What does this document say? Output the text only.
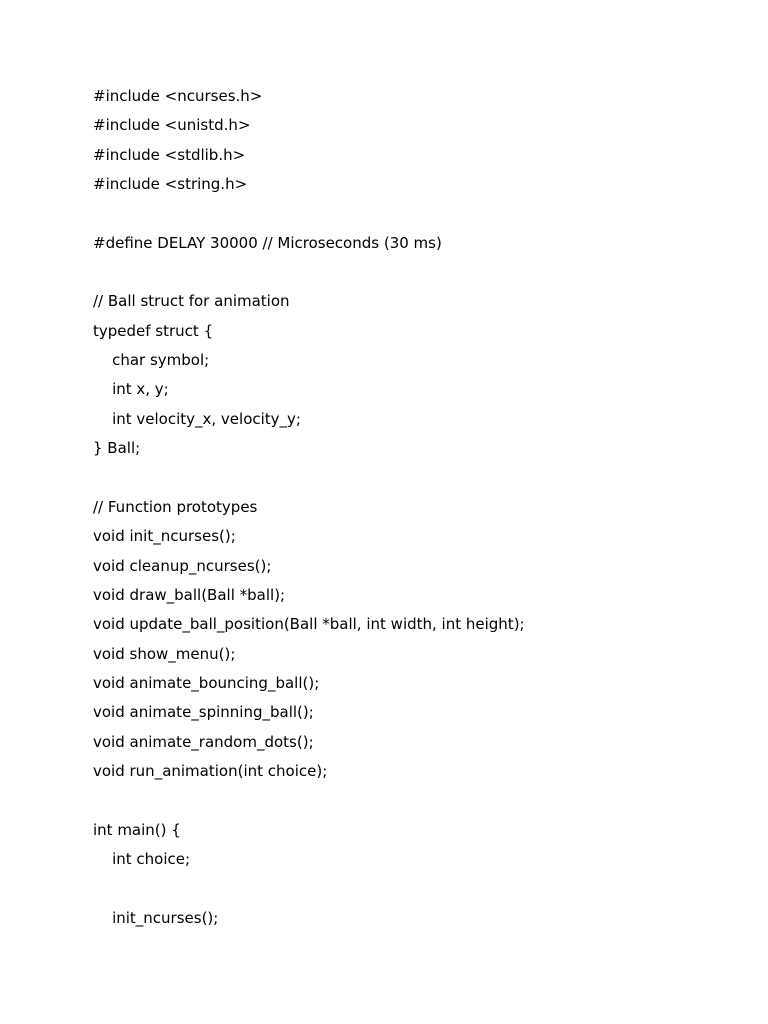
#include <ncurses.h>
#include <unistd.h>
#include <stdlib.h>
#include <string.h>
#define DELAY 30000 // Microseconds (30 ms)
// Ball struct for animation
typedef struct {
char symbol;
int x, y;
int velocity_x, velocity_y;
} Ball;
// Function prototypes
void init_ncurses();
void cleanup_ncurses();
void draw_ball(Ball *ball);
void update_ball_position(Ball *ball, int width, int height);
void show_menu();
void animate_bouncing_ball();
void animate_spinning_ball();
void animate_random_dots();
void run_animation(int choice);
int main() {
int choice;
init_ncurses();
